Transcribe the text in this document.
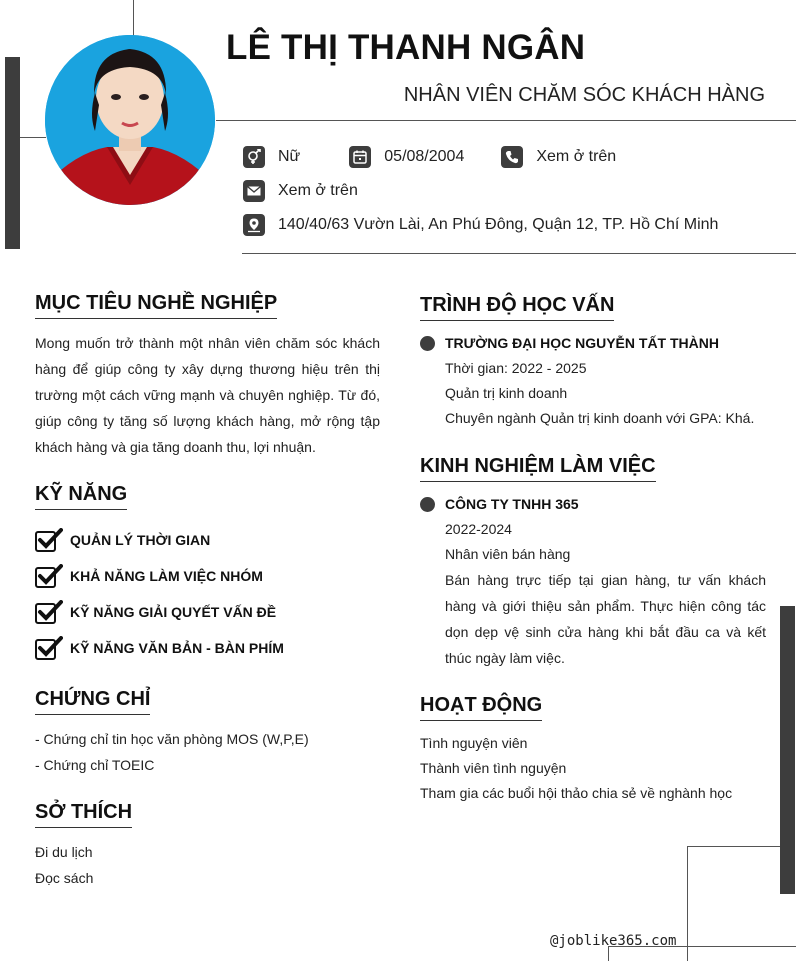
LÊ THỊ THANH NGÂN
NHÂN VIÊN CHĂM SÓC KHÁCH HÀNG
Nữ	05/08/2004	Xem ở trên
Xem ở trên
140/40/63 Vườn Lài, An Phú Đông, Quận 12, TP. Hồ Chí Minh
MỤC TIÊU NGHỀ NGHIỆP

Mong muốn trở thành một nhân viên chăm sóc khách hàng để giúp công ty xây dựng thương hiệu trên thị trường một cách vững mạnh và chuyên nghiệp. Từ đó, giúp công ty tăng số lượng khách hàng, mở rộng tập khách hàng và gia tăng doanh thu, lợi nhuận.

KỸ NĂNG
QUẢN LÝ THỜI GIAN
KHẢ NĂNG LÀM VIỆC NHÓM
KỸ NĂNG GIẢI QUYẾT VẤN ĐỀ
KỸ NĂNG VĂN BẢN - BÀN PHÍM
CHỨNG CHỈ
- Chứng chỉ tin học văn phòng MOS (W,P,E)
- Chứng chỉ TOEIC
SỞ THÍCH
Đi du lịch
Đọc sách
TRÌNH ĐỘ HỌC VẤN
TRƯỜNG ĐẠI HỌC NGUYỄN TẤT THÀNH
Thời gian: 2022 - 2025
Quản trị kinh doanh
Chuyên ngành Quản trị kinh doanh với GPA: Khá.
KINH NGHIỆM LÀM VIỆC
CÔNG TY TNHH 365
2022-2024
Nhân viên bán hàng

Bán hàng trực tiếp tại gian hàng, tư vấn khách hàng và giới thiệu sản phẩm. Thực hiện công tác dọn dẹp vệ sinh cửa hàng khi bắt đầu ca và kết thúc ngày làm việc.

HOẠT ĐỘNG
Tình nguyện viên
Thành viên tình nguyện
Tham gia các buổi hội thảo chia sẻ về nghành học
@joblike365.com
